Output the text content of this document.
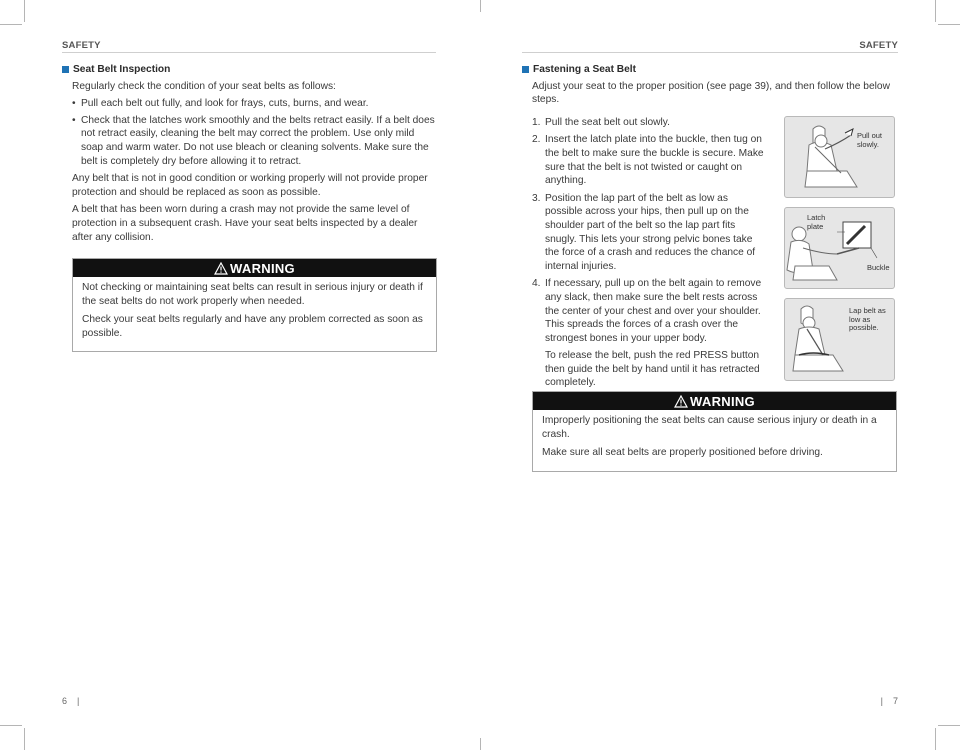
SAFETY
Seat Belt Inspection

Regularly check the condition of your seat belts as follows:

• Pull each belt out fully, and look for frays, cuts, burns, and wear.
• Check that the latches work smoothly and the belts retract easily. If a belt does not retract easily, cleaning the belt may correct the problem. Use only mild soap and warm water. Do not use bleach or cleaning solvents. Make sure the belt is completely dry before allowing it to retract.

Any belt that is not in good condition or working properly will not provide proper protection and should be replaced as soon as possible.

A belt that has been worn during a crash may not provide the same level of protection in a subsequent crash. Have your seat belts inspected by a dealer after any collision.

WARNING

Not checking or maintaining seat belts can result in serious injury or death if the seat belts do not work properly when needed.

Check your seat belts regularly and have any problem corrected as soon as possible.

6 |
SAFETY
Fastening a Seat Belt

Adjust your seat to the proper position (see page 39), and then follow the below steps.

1. Pull the seat belt out slowly.
2. Insert the latch plate into the buckle, then tug on the belt to make sure the buckle is secure. Make sure that the belt is not twisted or caught on anything.
3. Position the lap part of the belt as low as possible across your hips, then pull up on the shoulder part of the belt so the lap part fits snugly. This lets your strong pelvic bones take the force of a crash and reduces the chance of internal injuries.
4. If necessary, pull up on the belt again to remove any slack, then make sure the belt rests across the center of your chest and over your shoulder. This spreads the forces of a crash over the strongest bones in your upper body.
To release the belt, push the red PRESS button then guide the belt by hand until it has retracted completely.
Pull out slowly.
Latch plate
Buckle
Lap belt as low as possible.
WARNING

Improperly positioning the seat belts can cause serious injury or death in a crash.

Make sure all seat belts are properly positioned before driving.

| 7
